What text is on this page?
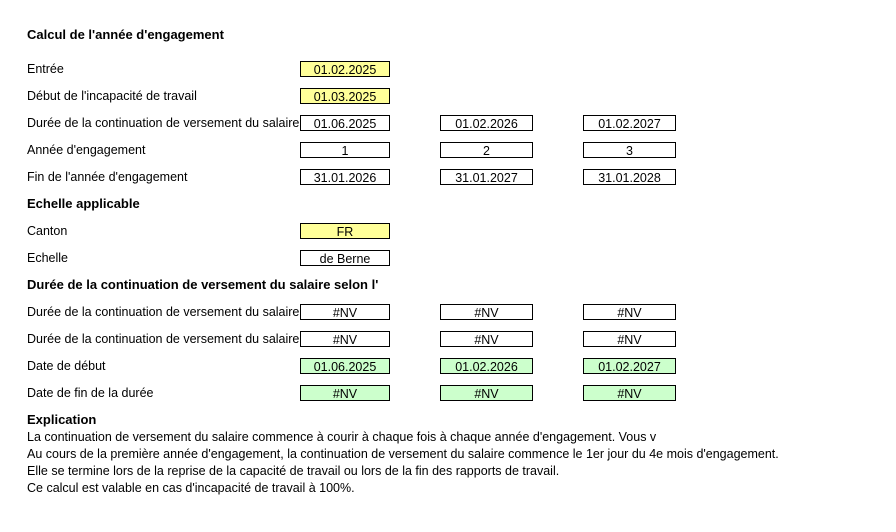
Calcul de l'année d'engagement
Entrée	01.02.2025
Début de l'incapacité de travail	01.03.2025
Durée de la continuation de versement du salaire	01.06.2025	01.02.2026	01.02.2027
Année d'engagement	1	2	3
Fin de l'année d'engagement	31.01.2026	31.01.2027	31.01.2028
Echelle applicable
Canton	FR
Echelle	de Berne
Durée de la continuation de versement du salaire selon l'
Durée de la continuation de versement du salaire	#NV	#NV	#NV
Durée de la continuation de versement du salaire	#NV	#NV	#NV
Date de début	01.06.2025	01.02.2026	01.02.2027
Date de fin de la durée	#NV	#NV	#NV
Explication
La continuation de versement du salaire commence à courir à chaque fois à chaque année d'engagement. Vous v
Au cours de la première année d'engagement, la continuation de versement du salaire commence le 1er jour du 4e mois d'engagement.
Elle se termine lors de la reprise de la capacité de travail ou lors de la fin des rapports de travail.
Ce calcul est valable en cas d'incapacité de travail à 100%.
